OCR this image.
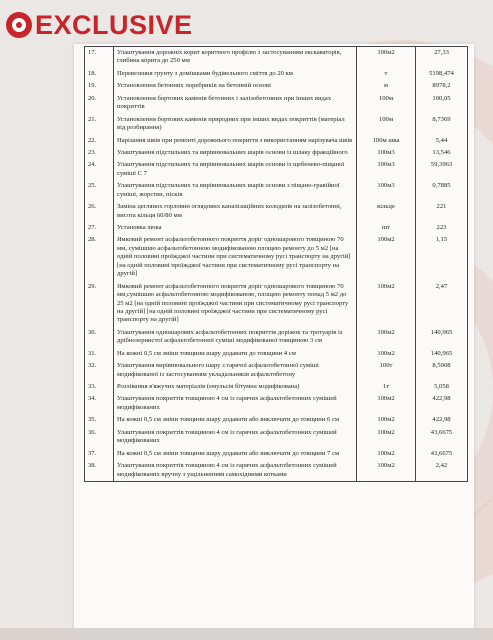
EXCLUSIVE
17.	Улаштування дорожніх корит коритного профілю з застосуванням екскаваторів, глибина корита до 250 мм	100м2	27,33
18.	Перевезення грунту з домішками будівельного сміття до 20 км	т	5198,474
19.	Установлення бетонних поребриків на бетонній основі	м	8978,2
20.	Установлення бортових каменів бетонних і залізобетонних при інших видах покриттів	100м	100,05
21.	Установлення бортових каменів природних при інших видах покриттів (матеріал від розбирання)	100м	8,7369
22.	Нарізання швів при ремонті дорожнього покриття з використанням нарізувача швів	100м шва	5,44
23.	Улаштування підстильних та вирівнювальних шарів основи із шлаку фракційного	100м3	13,546
24.	Улаштування підстильних та вирівнювальних шарів основи із щебенево-піщаної суміші С 7	100м3	59,3963
25.	Улаштування підстильних та вирівнювальних шарів основи з піщано-гравійної суміші, жорстви, пісків	100м3	0,7885
26.	Заміна цеглянох горловин оглядових каналізаційних колодязів на залізобетонні, висота кільця 60/80 мм	кільце	221
27.	Установка люка	шт	223
28.	Ямковий ремонт асфальтобетонного покриття доріг одношарового товщиною 70 мм, сумішшю асфальтобетонною модифікованою площею ремонту до 5 м2 [на одній половині проїжджої частини при систематичному русі транспорту на другій] [на одній половині проїжджої частини при систематичному русі транспорту на другій]	100м2	1,15
29.	Ямковий ремонт асфальтобетонного покриття доріг одношарового товщиною 70 мм,сумішшю асфальтобетонною модифікованою, площею ремонту понад 5 м2 до 25 м2 [на одній половині проїжджої частини при систематичному русі транспорту на другій] [на одній половині проїжджої частини при систематичному русі транспорту на другій]	100м2	2,47
30.	Улаштування одношарових асфальтобетонних покриттів доріжок та тротуарів із дрібнозернистої асфальтобетонної суміші модифікованої товщиною 3 см	100м2	140,965
31.	На кожні 0,5 см зміни товщини шару додавати до товщини 4 см	100м2	140,965
32.	Улаштування вирівнювального шару з гарячої асфальтобетонної суміші модифікованої із застосуванням укладальників асфальтобетону	100т	8,5908
33.	Розлівання в'яжучих матеріалів (емульсія бітумна модифікована)	1т	5,058
34.	Улаштування покриттів товщиною 4 см із гарячих асфальтобетонних сумішей модифікованих	100м2	422,98
35.	На кожні 0,5 см зміни товщини шару додавати або виключати до товщини 6 см	100м2	422,98
36.	Улаштування покриттів товщиною 4 см із гарячих асфальтобетонних сумішей модифікованих	100м2	43,6675
37.	На кожні 0,5 см зміни товщини шару додавати або виключати до товщини 7 см	100м2	43,6675
38.	Улаштування покриттів товщиною 4 см із гарячих асфальтобетонних сумішей модифікованих вручну з ущільненням самохідними котками	100м2	2,42
